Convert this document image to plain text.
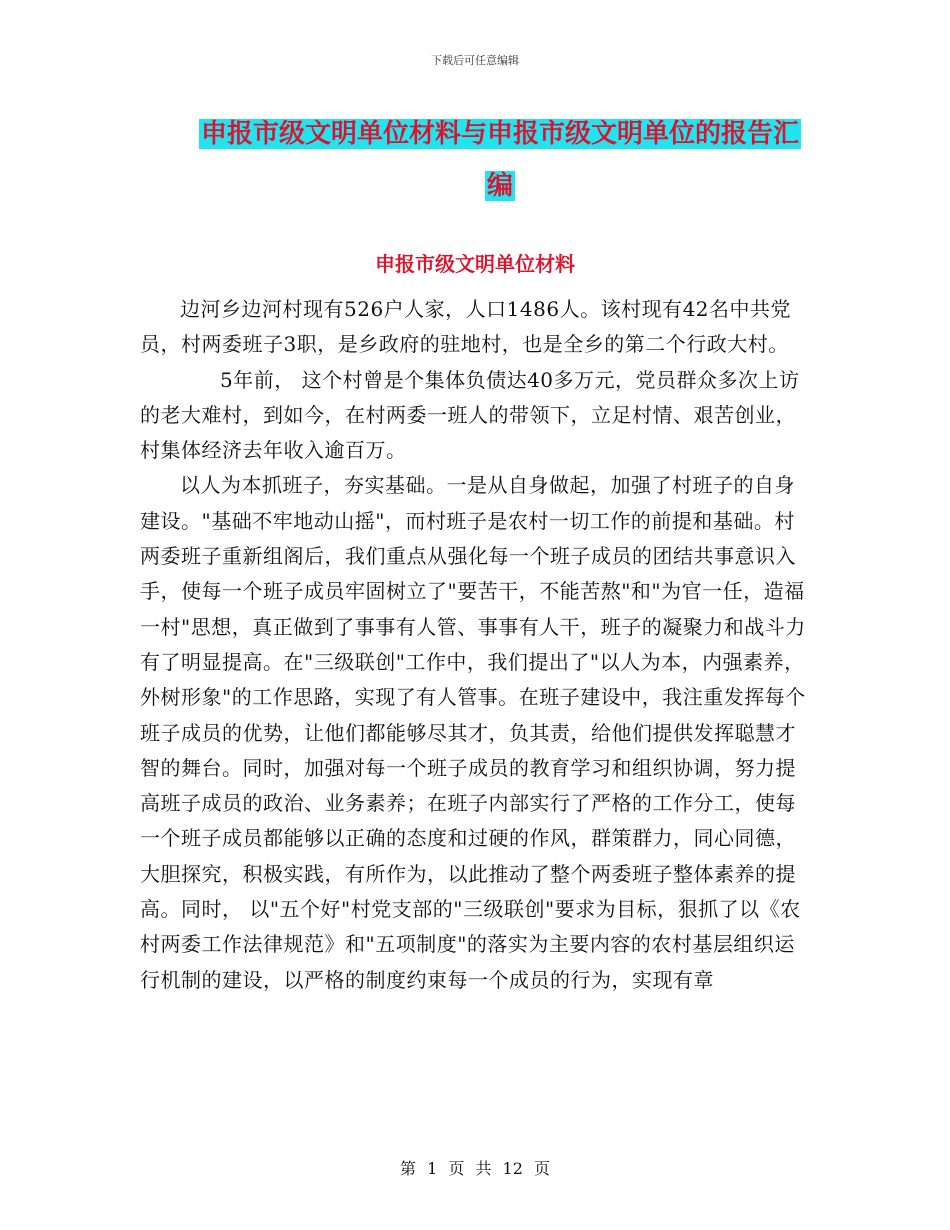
下载后可任意编辑
申报市级文明单位材料与申报市级文明单位的报告汇
编
申报市级文明单位材料

边河乡边河村现有526户人家，人口1486人。该村现有42名中共党员，村两委班子3职，是乡政府的驻地村，也是全乡的第二个行政大村。

5年前， 这个村曾是个集体负债达40多万元，党员群众多次上访的老大难村，到如今，在村两委一班人的带领下，立足村情、艰苦创业，村集体经济去年收入逾百万。

以人为本抓班子，夯实基础。一是从自身做起，加强了村班子的自身建设。"基础不牢地动山摇"，而村班子是农村一切工作的前提和基础。村两委班子重新组阁后，我们重点从强化每一个班子成员的团结共事意识入手，使每一个班子成员牢固树立了"要苦干，不能苦熬"和"为官一任，造福一村"思想，真正做到了事事有人管、事事有人干，班子的凝聚力和战斗力有了明显提高。在"三级联创"工作中，我们提出了"以人为本，内强素养，外树形象"的工作思路，实现了有人管事。在班子建设中，我注重发挥每个班子成员的优势，让他们都能够尽其才，负其责，给他们提供发挥聪慧才智的舞台。同时，加强对每一个班子成员的教育学习和组织协调，努力提高班子成员的政治、业务素养；在班子内部实行了严格的工作分工，使每一个班子成员都能够以正确的态度和过硬的作风，群策群力，同心同德，大胆探究，积极实践，有所作为，以此推动了整个两委班子整体素养的提高。同时， 以"五个好"村党支部的"三级联创"要求为目标，狠抓了以《农村两委工作法律规范》和"五项制度"的落实为主要内容的农村基层组织运行机制的建设，以严格的制度约束每一个成员的行为，实现有章

第 1 页 共 12 页
